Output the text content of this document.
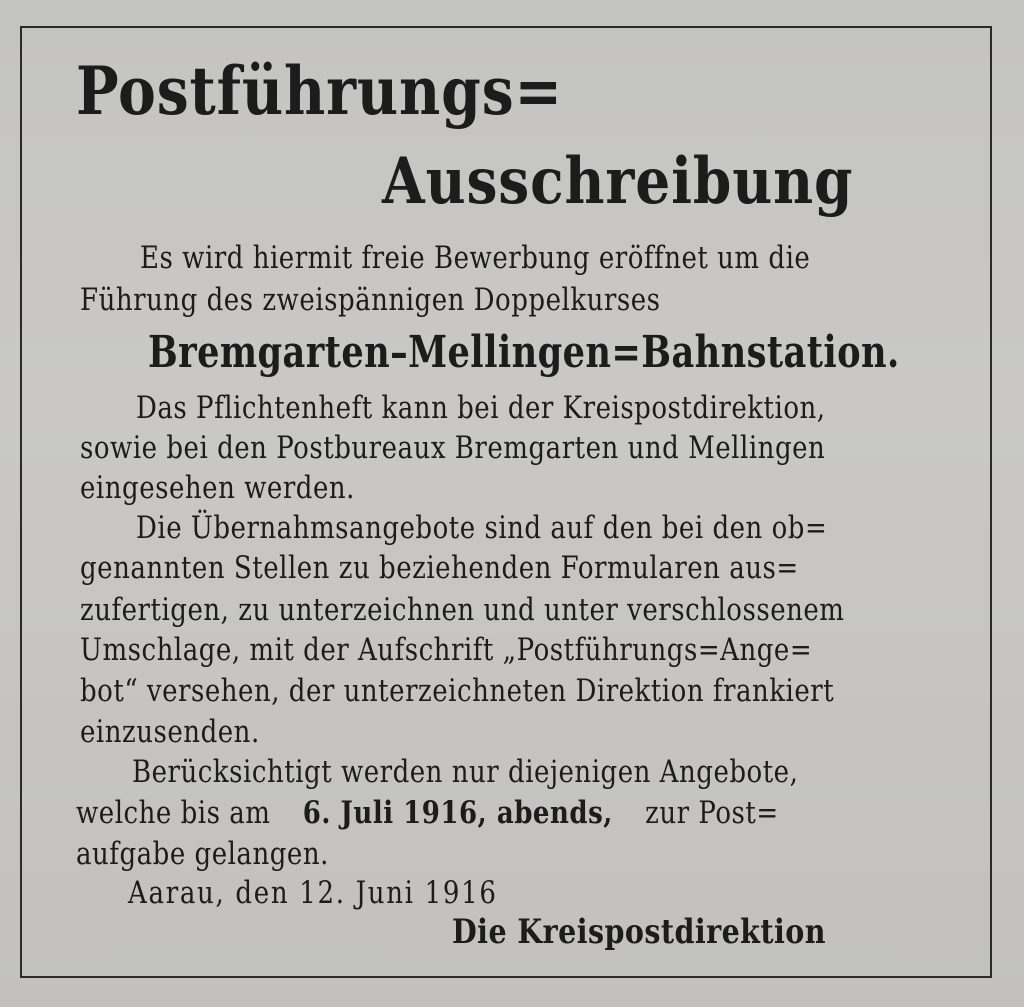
Postführungs=
Ausschreibung
Es wird hiermit freie Bewerbung eröffnet um die
Führung des zweispännigen Doppelkurses
Bremgarten–Mellingen=Bahnstation.
Das Pflichtenheft kann bei der Kreispostdirektion,
sowie bei den Postbureaux Bremgarten und Mellingen
eingesehen werden.
Die Übernahmsangebote sind auf den bei den ob=
genannten Stellen zu beziehenden Formularen aus=
zufertigen, zu unterzeichnen und unter verschlossenem
Umschlage, mit der Aufschrift „Postführungs=Ange=
bot“ versehen, der unterzeichneten Direktion frankiert
einzusenden.
Berücksichtigt werden nur diejenigen Angebote,
welche bis am 6. Juli 1916, abends, zur Post=
aufgabe gelangen.
Aarau, den 12. Juni 1916
Die Kreispostdirektion
